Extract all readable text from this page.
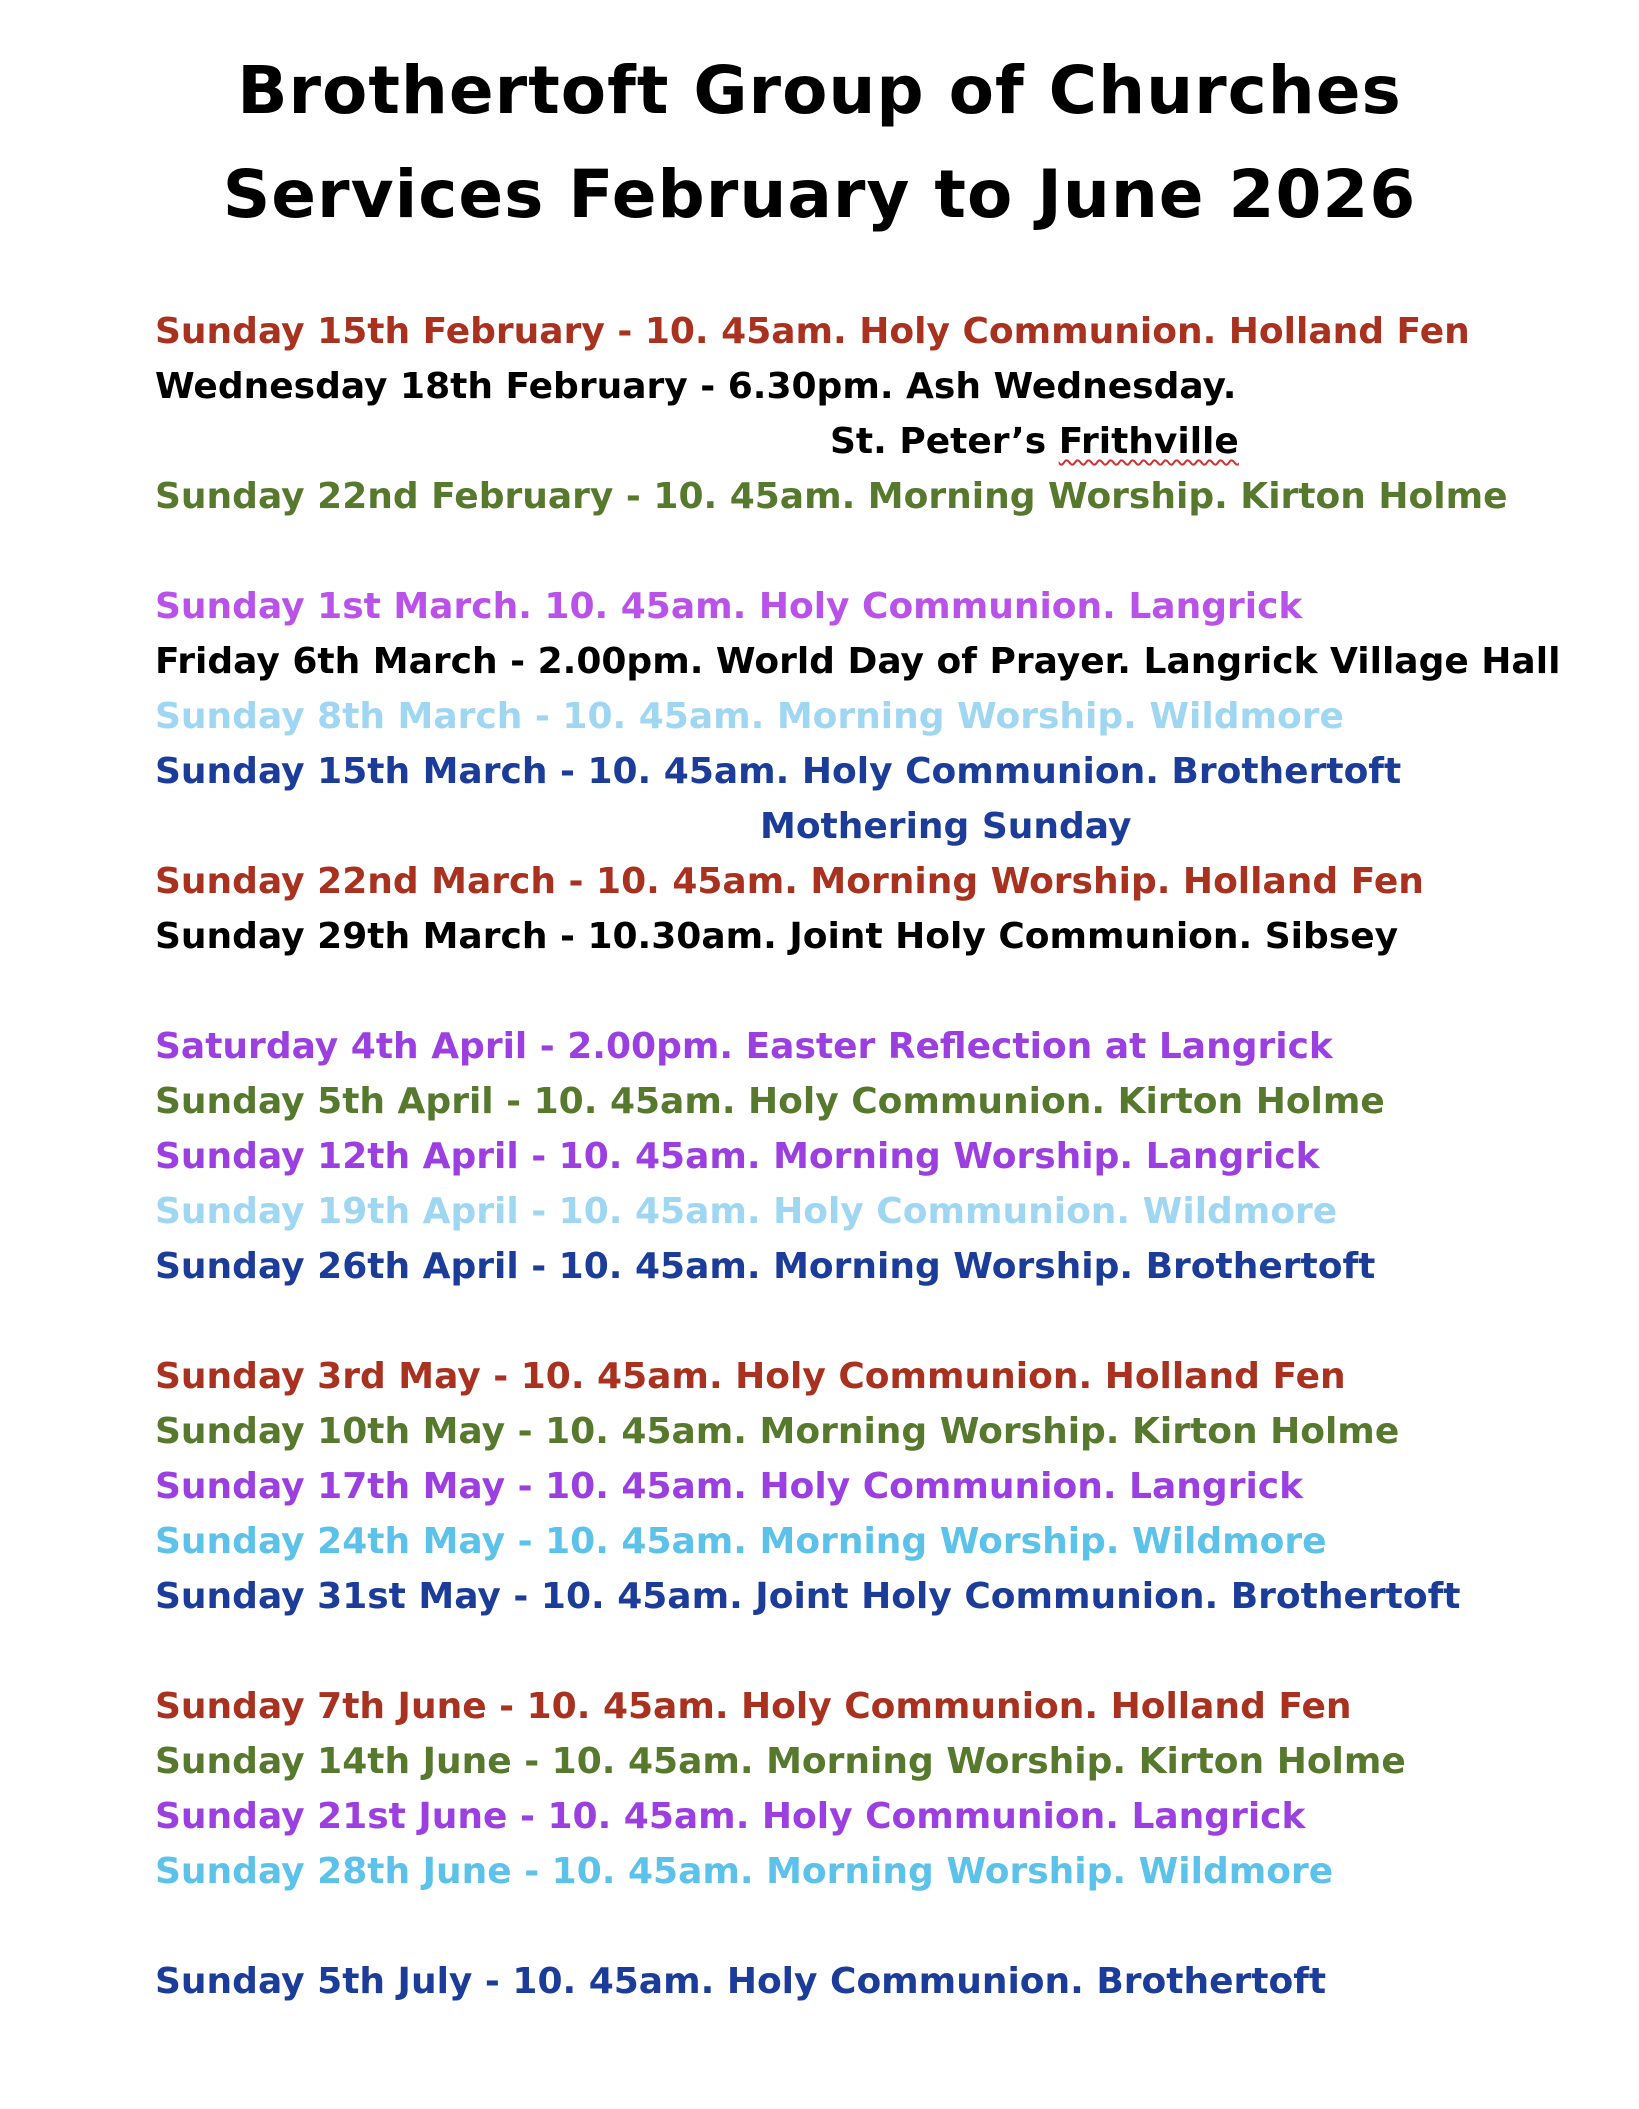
Brothertoft Group of Churches
Services February to June 2026
Sunday 15th February - 10. 45am. Holy Communion. Holland Fen
Wednesday 18th February - 6.30pm. Ash Wednesday.
St. Peter’s Frithville
Sunday 22nd February - 10. 45am. Morning Worship. Kirton Holme
Sunday 1st March. 10. 45am. Holy Communion. Langrick
Friday 6th March - 2.00pm. World Day of Prayer. Langrick Village Hall
Sunday 8th March - 10. 45am. Morning Worship. Wildmore
Sunday 15th March - 10. 45am. Holy Communion. Brothertoft
Mothering Sunday
Sunday 22nd March - 10. 45am. Morning Worship. Holland Fen
Sunday 29th March - 10.30am. Joint Holy Communion. Sibsey
Saturday 4th April - 2.00pm. Easter Reflection at Langrick
Sunday 5th April - 10. 45am. Holy Communion. Kirton Holme
Sunday 12th April - 10. 45am. Morning Worship. Langrick
Sunday 19th April - 10. 45am. Holy Communion. Wildmore
Sunday 26th April - 10. 45am. Morning Worship. Brothertoft
Sunday 3rd May - 10. 45am. Holy Communion. Holland Fen
Sunday 10th May - 10. 45am. Morning Worship. Kirton Holme
Sunday 17th May - 10. 45am. Holy Communion. Langrick
Sunday 24th May - 10. 45am. Morning Worship. Wildmore
Sunday 31st May - 10. 45am. Joint Holy Communion. Brothertoft
Sunday 7th June - 10. 45am. Holy Communion. Holland Fen
Sunday 14th June - 10. 45am. Morning Worship. Kirton Holme
Sunday 21st June - 10. 45am. Holy Communion. Langrick
Sunday 28th June - 10. 45am. Morning Worship. Wildmore
Sunday 5th July - 10. 45am. Holy Communion. Brothertoft
